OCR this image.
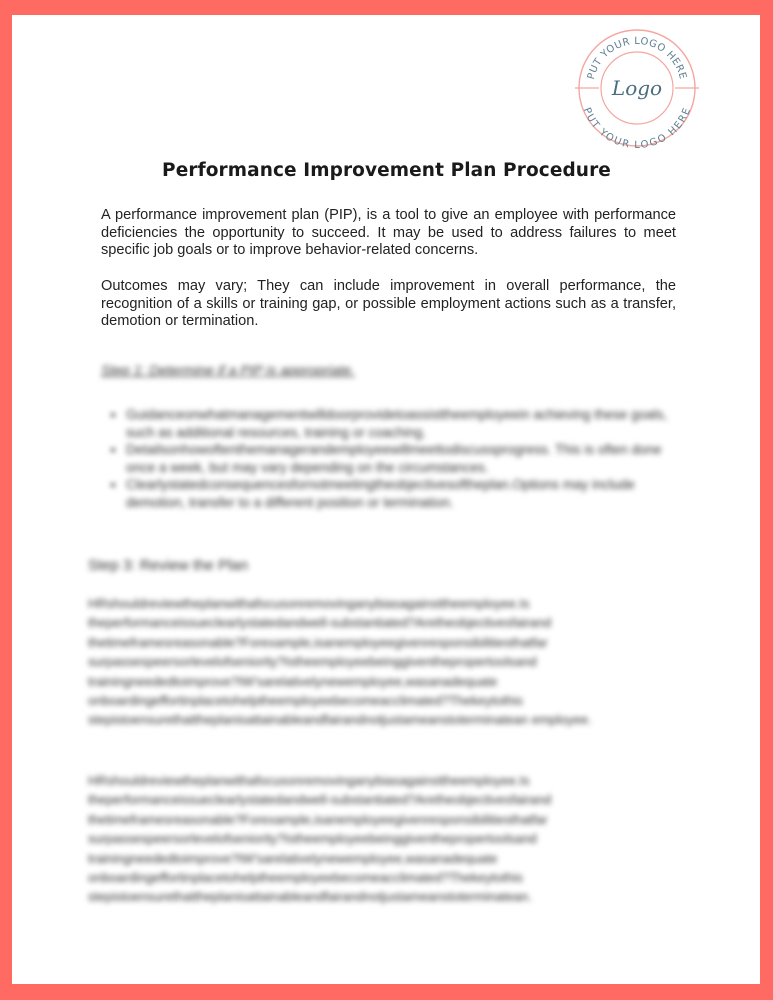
PUT YOUR LOGO HERE
PUT YOUR LOGO HERE
Logo
Performance Improvement Plan Procedure
A performance improvement plan (PIP), is a tool to give an employee with performance deficiencies the opportunity to succeed. It may be used to address failures to meet specific job goals or to improve behavior-related concerns.
Outcomes may vary; They can include improvement in overall performance, the recognition of a skills or training gap, or possible employment actions such as a transfer, demotion or termination.
Step 1: Determine if a PIP is appropriate.
• Guidanceonwhatmanagementwilldoorprovidetoassisttheemployeein achieving these goals, such as additional resources, training or coaching.
• Detailsonhowoftenthemanagerandemployeewillmeettodiscussprogress. This is often done once a week, but may vary depending on the circumstances.
• Clearlystatedconsequencesfornotmeetingtheobjectivesoftheplan.Options may include demotion, transfer to a different position or termination.
Step 3: Review the Plan
HRshouldreviewtheplanwithafocusonremovinganybiasagainsttheemployee.Is
theperformanceissueclearlystatedandwell-substantiated?Aretheobjectivesfairand
thetimeframesreasonable?Forexample,isanemployeegivenresponsibilitiesthatfar
surpassespeersorlevelofseniority?Istheemployeebeinggiventhepropertoolsand
trainingneededtoimprove?IW'sarelativelynewemployee,wasanadequate
onboardingeffortinplacetohelptheemployeebecomeacclimated?Thekeytothis
stepistoensurethattheplanisattainableandfairandnotjustameanstoterminatean employee.
HRshouldreviewtheplanwithafocusonremovinganybiasagainsttheemployee.Is
theperformanceissueclearlystatedandwell-substantiated?Aretheobjectivesfairand
thetimeframesreasonable?Forexample,isanemployeegivenresponsibilitiesthatfar
surpassespeersorlevelofseniority?Istheemployeebeinggiventhepropertoolsand
trainingneededtoimprove?IW'sarelativelynewemployee,wasanadequate
onboardingeffortinplacetohelptheemployeebecomeacclimated?Thekeytothis
stepistoensurethattheplanisattainableandfairandnotjustameanstoterminatean.
